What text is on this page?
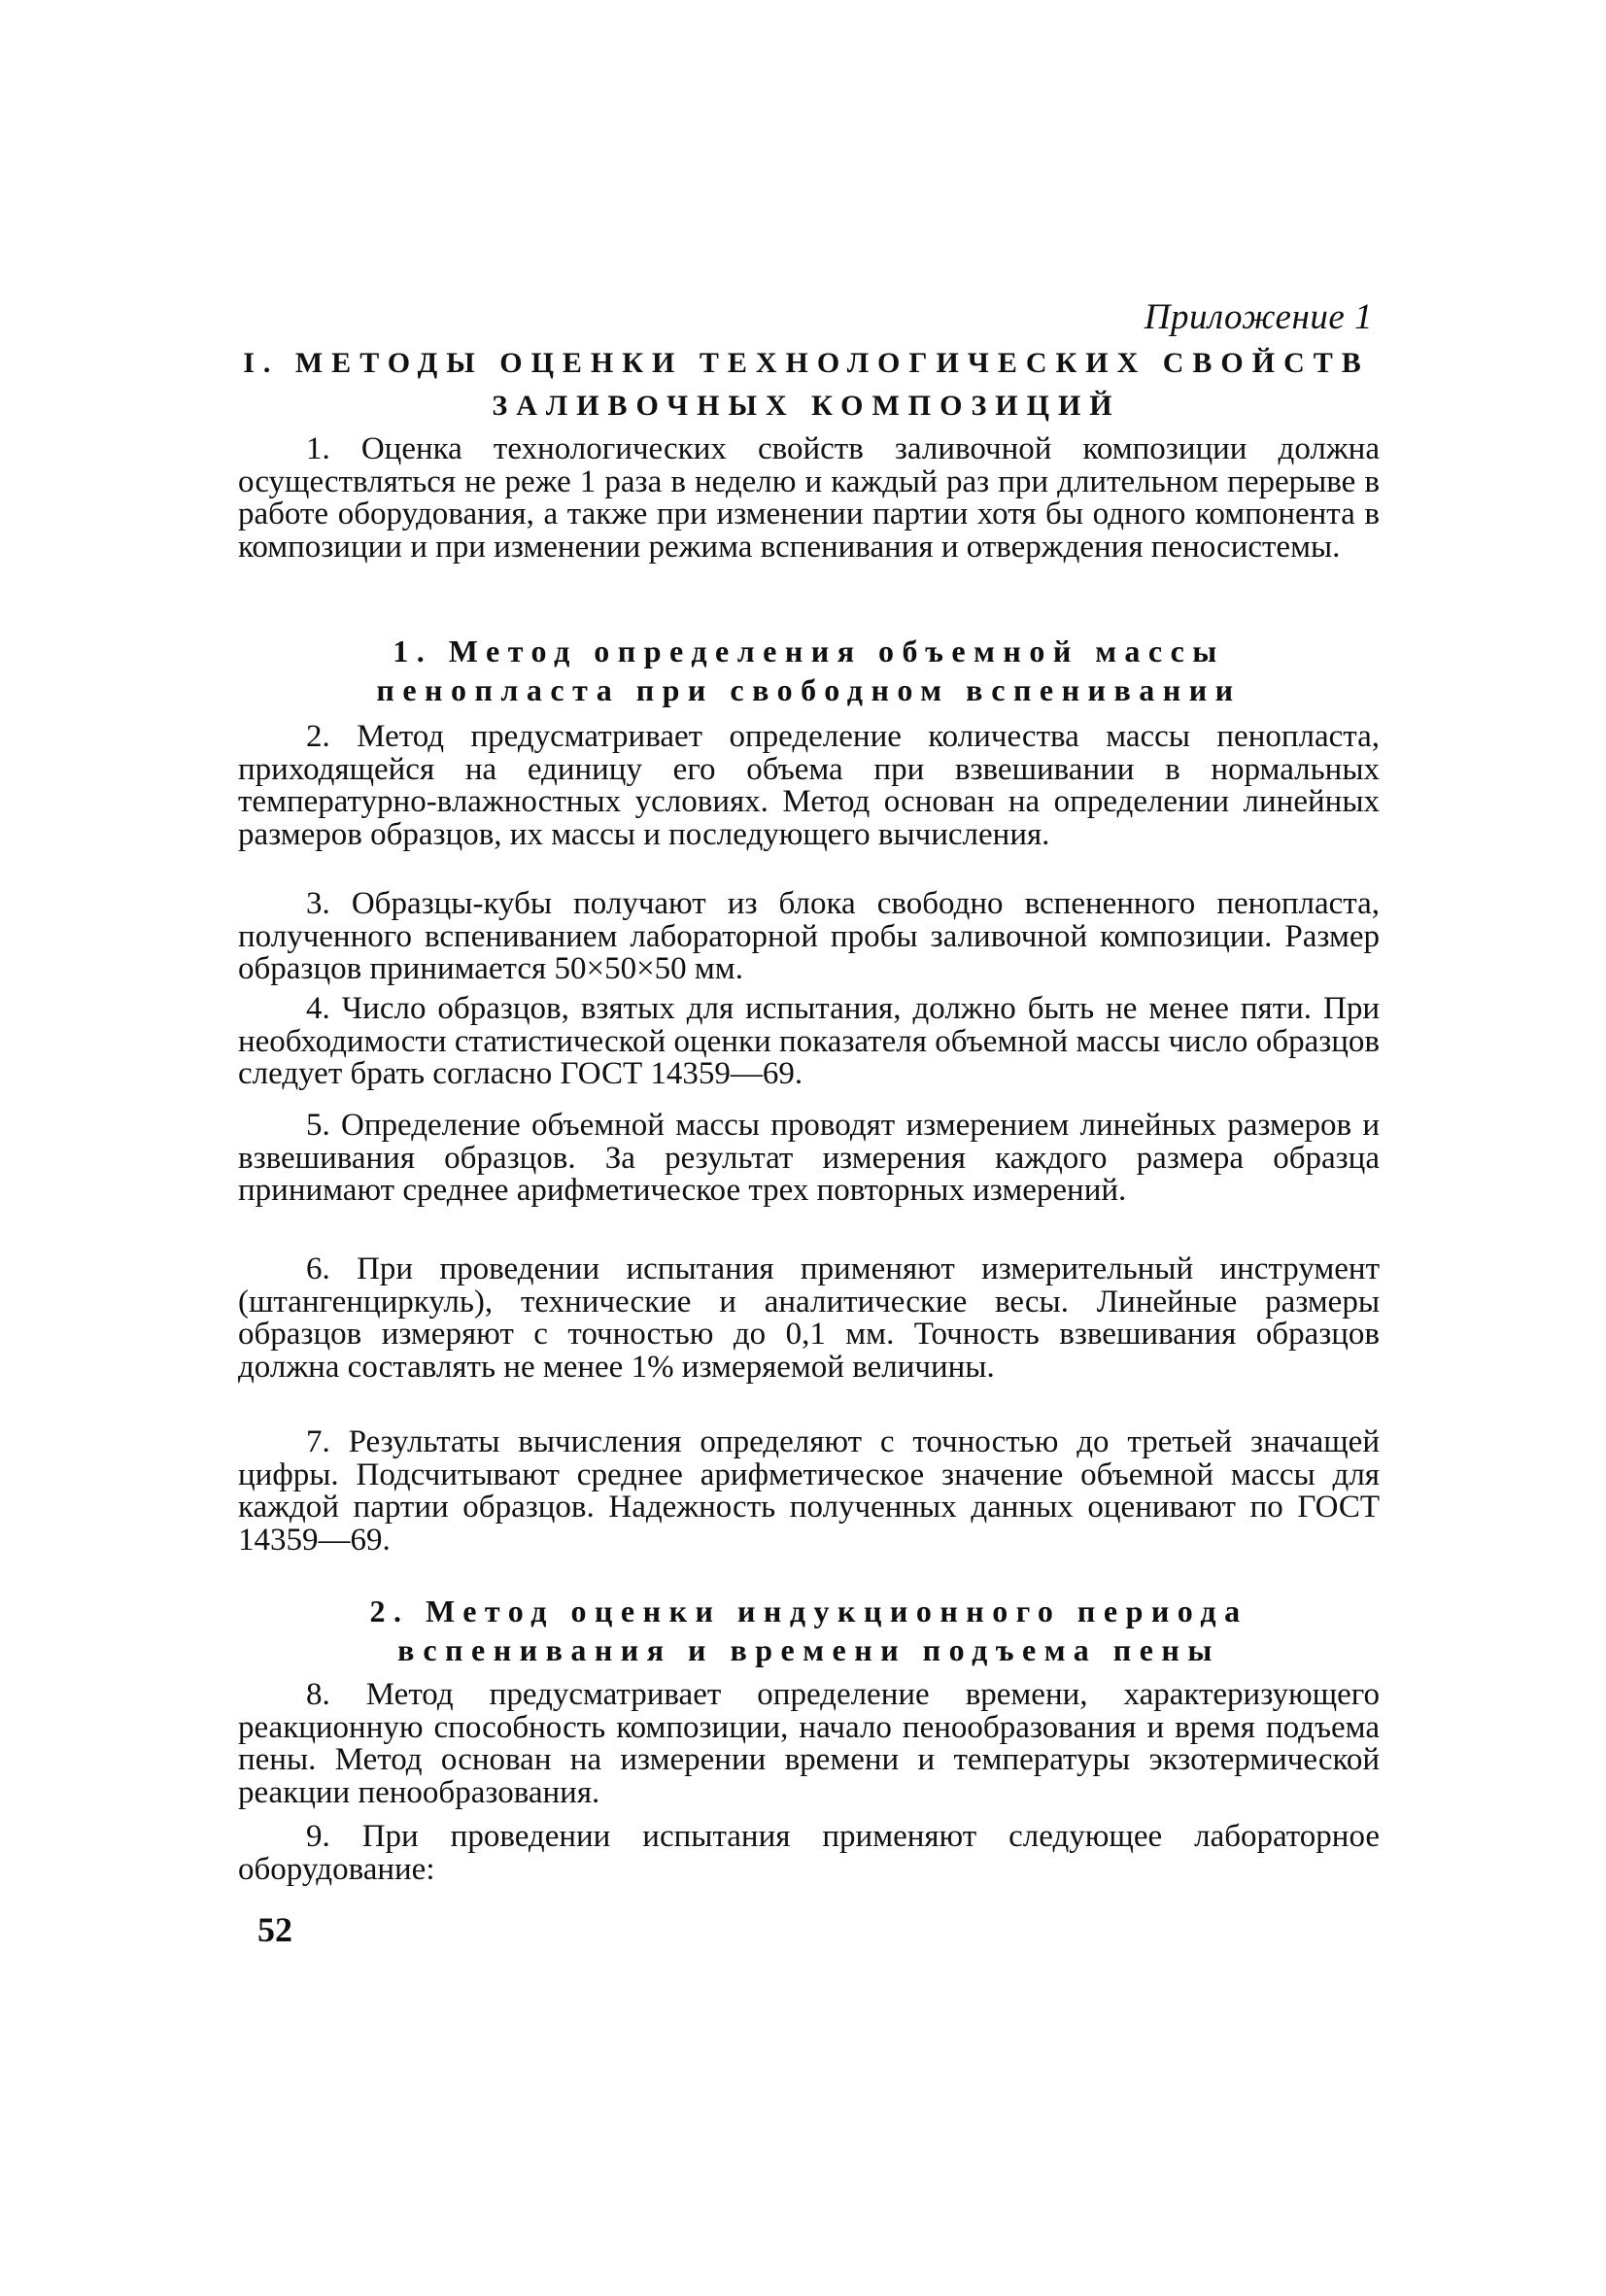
Приложение 1
I. МЕТОДЫ ОЦЕНКИ ТЕХНОЛОГИЧЕСКИХ СВОЙСТВ
ЗАЛИВОЧНЫХ КОМПОЗИЦИЙ

1. Оценка технологических свойств заливочной композиции должна осуществляться не реже 1 раза в неделю и каждый раз при длительном перерыве в работе оборудования, а также при изменении партии хотя бы одного компонента в композиции и при изменении режима вспенивания и отверждения пеносистемы.

1. Метод определения объемной массы
пенопласта при свободном вспенивании

2. Метод предусматривает определение количества массы пенопласта, приходящейся на единицу его объема при взвешивании в нормальных температурно-влажностных условиях. Метод основан на определении линейных размеров образцов, их массы и последующего вычисления.

3. Образцы-кубы получают из блока свободно вспененного пенопласта, полученного вспениванием лабораторной пробы заливочной композиции. Размер образцов принимается 50×50×50 мм.

4. Число образцов, взятых для испытания, должно быть не менее пяти. При необходимости статистической оценки показателя объемной массы число образцов следует брать согласно ГОСТ 14359—69.

5. Определение объемной массы проводят измерением линейных размеров и взвешивания образцов. За результат измерения каждого размера образца принимают среднее арифметическое трех повторных измерений.

6. При проведении испытания применяют измерительный инструмент (штангенциркуль), технические и аналитические весы. Линейные размеры образцов измеряют с точностью до 0,1 мм. Точность взвешивания образцов должна составлять не менее 1% измеряемой величины.

7. Результаты вычисления определяют с точностью до третьей значащей цифры. Подсчитывают среднее арифметическое значение объемной массы для каждой партии образцов. Надежность полученных данных оценивают по ГОСТ 14359—69.

2. Метод оценки индукционного периода
вспенивания и времени подъема пены

8. Метод предусматривает определение времени, характеризующего реакционную способность композиции, начало пенообразования и время подъема пены. Метод основан на измерении времени и температуры экзотермической реакции пенообразования.

9. При проведении испытания применяют следующее лабораторное оборудование:

52
